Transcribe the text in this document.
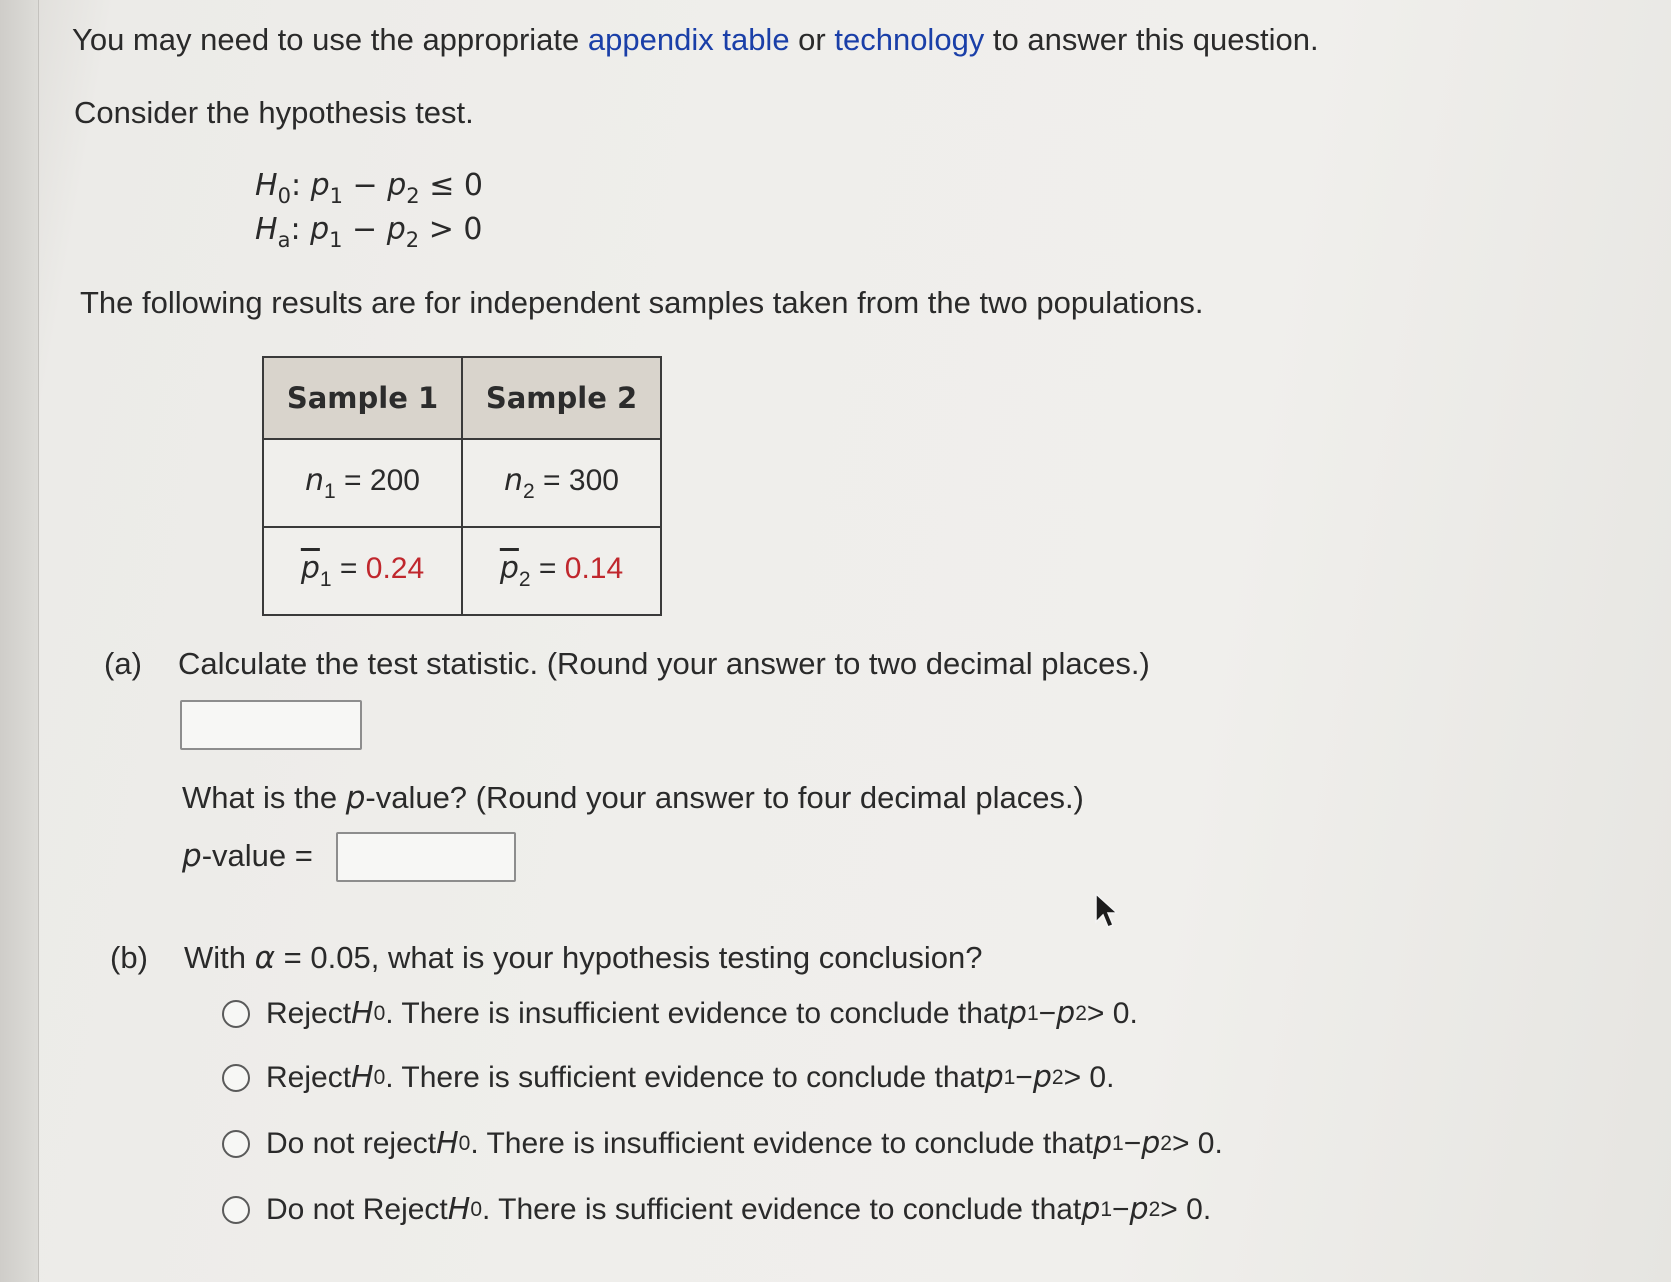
You may need to use the appropriate appendix table or technology to answer this question.
Consider the hypothesis test.
$H_0$: $p_1 - p_2 \le 0$
$H_a$: $p_1 - p_2 > 0$
The following results are for independent samples taken from the two populations.
Sample 1	Sample 2
$n_1 = 200$	$n_2 = 300$
$\overline{p}_1 = 0.24$	$\overline{p}_2 = 0.14$
(a) Calculate the test statistic. (Round your answer to two decimal places.)
What is the p-value? (Round your answer to four decimal places.)
p-value =
(b) With α = 0.05, what is your hypothesis testing conclusion?
Reject H 0 . There is insufficient evidence to conclude that p 1 − p 2 > 0.
Reject H 0 . There is sufficient evidence to conclude that p 1 − p 2 > 0.
Do not reject H 0 . There is insufficient evidence to conclude that p 1 − p 2 > 0.
Do not Reject H 0 . There is sufficient evidence to conclude that p 1 − p 2 > 0.
